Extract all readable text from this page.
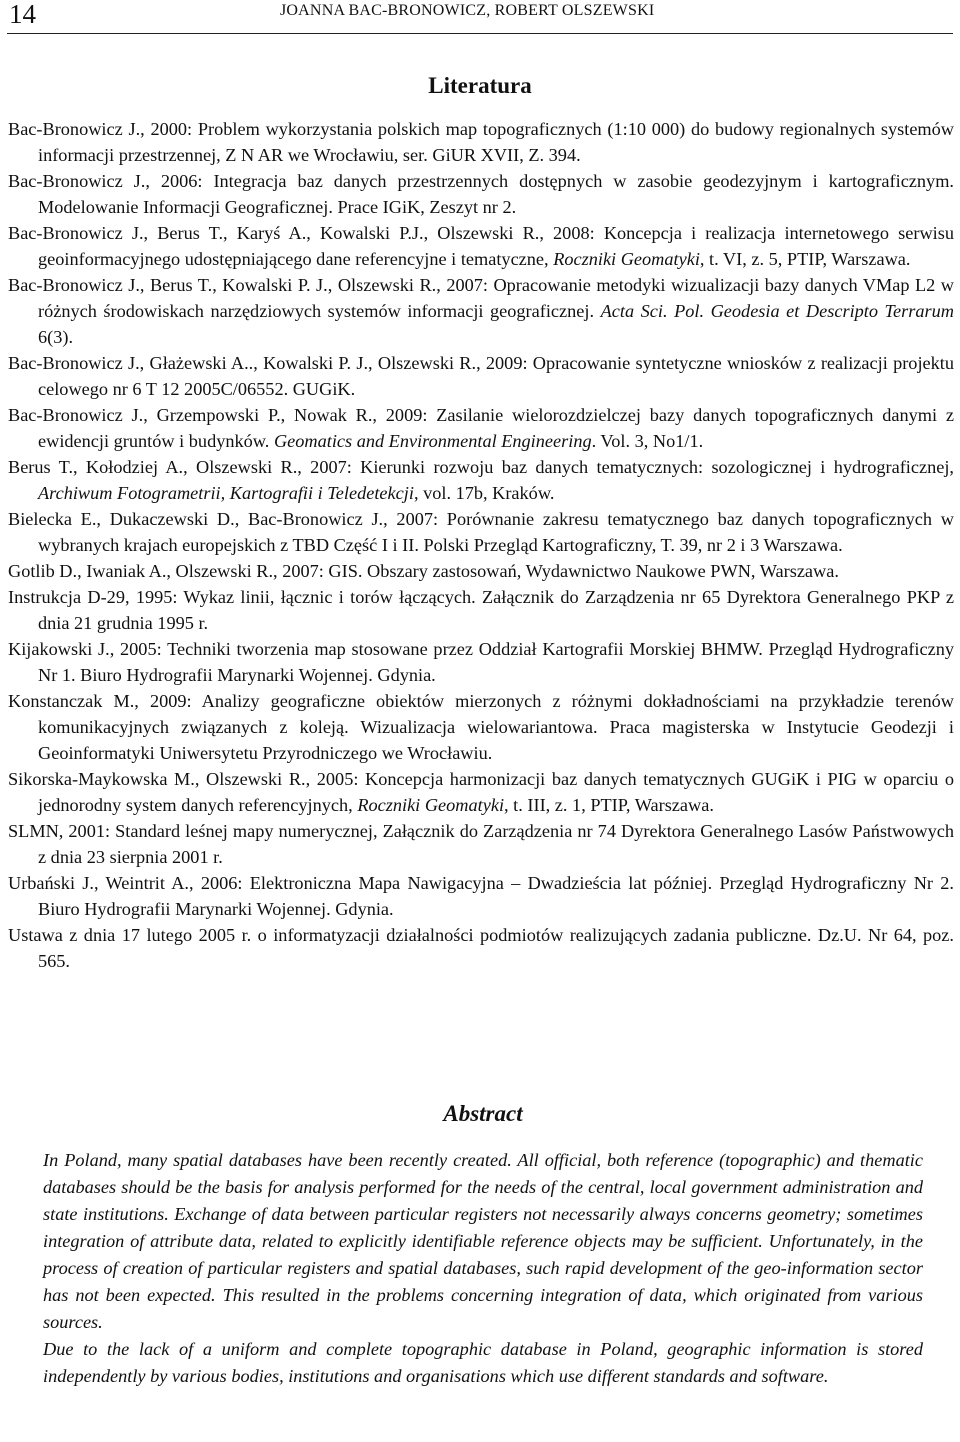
14	JOANNA BAC-BRONOWICZ, ROBERT OLSZEWSKI
Literatura
Bac-Bronowicz J., 2000: Problem wykorzystania polskich map topograficznych (1:10 000) do budowy regionalnych systemów informacji przestrzennej, Z N AR we Wrocławiu, ser. GiUR XVII, Z. 394.
Bac-Bronowicz J., 2006: Integracja baz danych przestrzennych dostępnych w zasobie geodezyjnym i kartograficznym. Modelowanie Informacji Geograficznej. Prace IGiK, Zeszyt nr 2.
Bac-Bronowicz J., Berus T., Karyś A., Kowalski P.J., Olszewski R., 2008: Koncepcja i realizacja internetowego serwisu geoinformacyjnego udostępniającego dane referencyjne i tematyczne, Roczniki Geomatyki, t. VI, z. 5, PTIP, Warszawa.
Bac-Bronowicz J., Berus T., Kowalski P. J., Olszewski R., 2007: Opracowanie metodyki wizualizacji bazy danych VMap L2 w różnych środowiskach narzędziowych systemów informacji geograficznej. Acta Sci. Pol. Geodesia et Descripto Terrarum 6(3).
Bac-Bronowicz J., Głażewski A.., Kowalski P. J., Olszewski R., 2009: Opracowanie syntetyczne wniosków z realizacji projektu celowego nr 6 T 12 2005C/06552. GUGiK.
Bac-Bronowicz J., Grzempowski P., Nowak R., 2009: Zasilanie wielorozdzielczej bazy danych topograficznych danymi z ewidencji gruntów i budynków. Geomatics and Environmental Engineering. Vol. 3, No1/1.
Berus T., Kołodziej A., Olszewski R., 2007: Kierunki rozwoju baz danych tematycznych: sozologicznej i hydrograficznej, Archiwum Fotogrametrii, Kartografii i Teledetekcji, vol. 17b, Kraków.
Bielecka E., Dukaczewski D., Bac-Bronowicz J., 2007: Porównanie zakresu tematycznego baz danych topograficznych w wybranych krajach europejskich z TBD Część I i II. Polski Przegląd Kartograficzny, T. 39, nr 2 i 3 Warszawa.
Gotlib D., Iwaniak A., Olszewski R., 2007: GIS. Obszary zastosowań, Wydawnictwo Naukowe PWN, Warszawa.
Instrukcja D-29, 1995: Wykaz linii, łącznic i torów łączących. Załącznik do Zarządzenia nr 65 Dyrektora Generalnego PKP z dnia 21 grudnia 1995 r.
Kijakowski J., 2005: Techniki tworzenia map stosowane przez Oddział Kartografii Morskiej BHMW. Przegląd Hydrograficzny Nr 1. Biuro Hydrografii Marynarki Wojennej. Gdynia.
Konstanczak M., 2009: Analizy geograficzne obiektów mierzonych z różnymi dokładnościami na przykładzie terenów komunikacyjnych związanych z koleją. Wizualizacja wielowariantowa. Praca magisterska w Instytucie Geodezji i Geoinformatyki Uniwersytetu Przyrodniczego we Wrocławiu.
Sikorska-Maykowska M., Olszewski R., 2005: Koncepcja harmonizacji baz danych tematycznych GUGiK i PIG w oparciu o jednorodny system danych referencyjnych, Roczniki Geomatyki, t. III, z. 1, PTIP, Warszawa.
SLMN, 2001: Standard leśnej mapy numerycznej, Załącznik do Zarządzenia nr 74 Dyrektora Generalnego Lasów Państwowych z dnia 23 sierpnia 2001 r.
Urbański J., Weintrit A., 2006: Elektroniczna Mapa Nawigacyjna – Dwadzieścia lat później. Przegląd Hydrograficzny Nr 2. Biuro Hydrografii Marynarki Wojennej. Gdynia.
Ustawa z dnia 17 lutego 2005 r. o informatyzacji działalności podmiotów realizujących zadania publiczne. Dz.U. Nr 64, poz. 565.
Abstract

In Poland, many spatial databases have been recently created. All official, both reference (topographic) and thematic databases should be the basis for analysis performed for the needs of the central, local government administration and state institutions. Exchange of data between particular registers not necessarily always concerns geometry; sometimes integration of attribute data, related to explicitly identifiable reference objects may be sufficient. Unfortunately, in the process of creation of particular registers and spatial databases, such rapid development of the geo-information sector has not been expected. This resulted in the problems concerning integration of data, which originated from various sources.

Due to the lack of a uniform and complete topographic database in Poland, geographic information is stored independently by various bodies, institutions and organisations which use different standards and software.
